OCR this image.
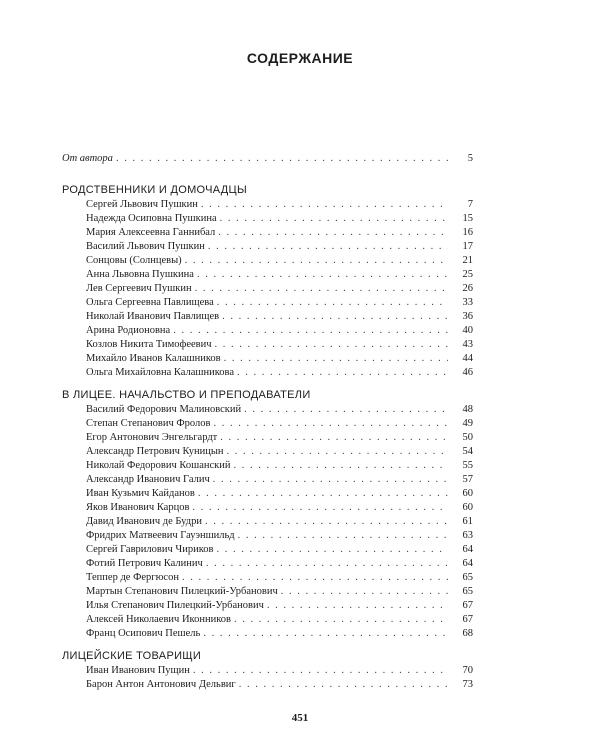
СОДЕРЖАНИЕ
От автора . . .	5
РОДСТВЕННИКИ И ДОМОЧАДЦЫ
Сергей Львович Пушкин . . .	7
Надежда Осиповна Пушкина . . .	15
Мария Алексеевна Ганнибал . . .	16
Василий Львович Пушкин . . .	17
Сонцовы (Солнцевы) . . .	21
Анна Львовна Пушкина . . .	25
Лев Сергеевич Пушкин . . .	26
Ольга Сергеевна Павлищева . . .	33
Николай Иванович Павлищев . . .	36
Арина Родионовна . . .	40
Козлов Никита Тимофеевич . . .	43
Михайло Иванов Калашников . . .	44
Ольга Михайловна Калашникова . . .	46
В ЛИЦЕЕ. НАЧАЛЬСТВО И ПРЕПОДАВАТЕЛИ
Василий Федорович Малиновский . . .	48
Степан Степанович Фролов . . .	49
Егор Антонович Энгельгардт . . .	50
Александр Петрович Куницын . . .	54
Николай Федорович Кошанский . . .	55
Александр Иванович Галич . . .	57
Иван Кузьмич Кайданов . . .	60
Яков Иванович Карцов . . .	60
Давид Иванович де Будри . . .	61
Фридрих Матвеевич Гауэншильд . . .	63
Сергей Гаврилович Чириков . . .	64
Фотий Петрович Калинич . . .	64
Теппер де Фергюсон . . .	65
Мартын Степанович Пилецкий-Урбанович . . .	65
Илья Степанович Пилецкий-Урбанович . . .	67
Алексей Николаевич Иконников . . .	67
Франц Осипович Пешель . . .	68
ЛИЦЕЙСКИЕ ТОВАРИЩИ
Иван Иванович Пущин . . .	70
Барон Антон Антонович Дельвиг . . .	73
451
